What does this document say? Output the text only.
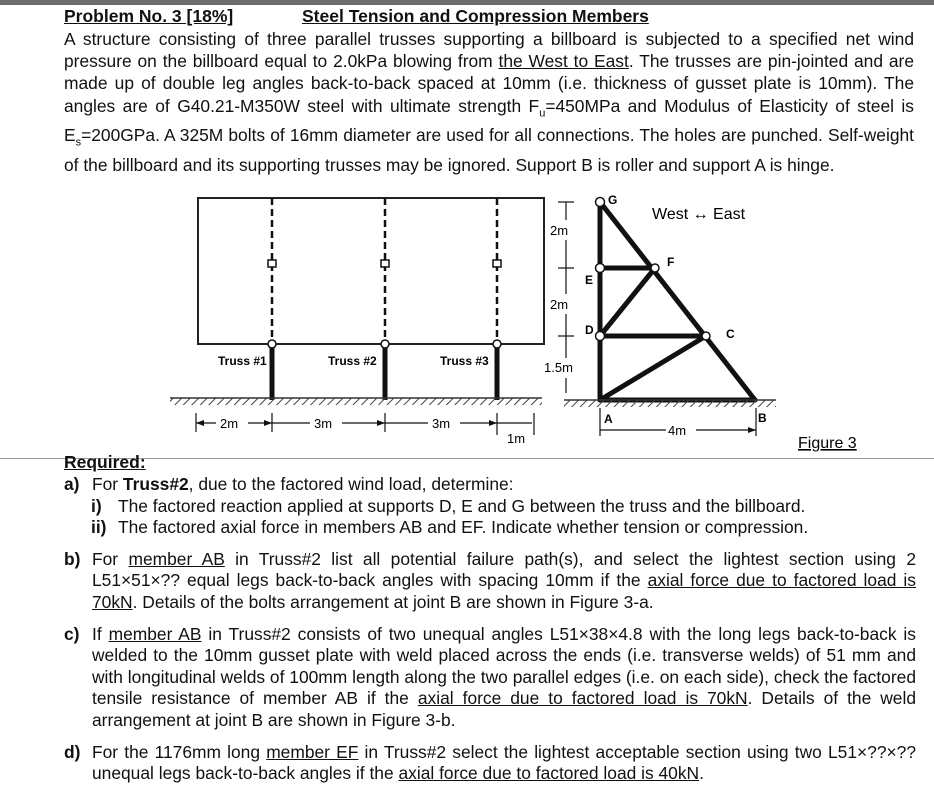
Problem No. 3 [18%]	Steel Tension and Compression Members
A structure consisting of three parallel trusses supporting a billboard is subjected to a specified net wind pressure on the billboard equal to 2.0kPa blowing from the West to East. The trusses are pin-jointed and are made up of double leg angles back-to-back spaced at 10mm (i.e. thickness of gusset plate is 10mm). The angles are of G40.21-M350W steel with ultimate strength $F_u=450MPa$ and Modulus of Elasticity of steel is $E_s=200GPa$. A 325M bolts of 16mm diameter are used for all connections. The holes are punched. Self-weight of the billboard and its supporting trusses may be ignored. Support B is roller and support A is hinge.
Truss #1	Truss #2	Truss #3
2m	3m	3m
1m
2m
2m
1.5m
G
E
D
F
C
West ↔ East
A	B
4m
Figure 3
Required:
a) For Truss#2, due to the factored wind load, determine:
i) The factored reaction applied at supports D, E and G between the truss and the billboard.
ii) The factored axial force in members AB and EF. Indicate whether tension or compression.
b) For member AB in Truss#2 list all potential failure path(s), and select the lightest section using 2 L51×51×?? equal legs back-to-back angles with spacing 10mm if the axial force due to factored load is 70kN. Details of the bolts arrangement at joint B are shown in Figure 3-a.
c) If member AB in Truss#2 consists of two unequal angles L51×38×4.8 with the long legs back-to-back is welded to the 10mm gusset plate with weld placed across the ends (i.e. transverse welds) of 51 mm and with longitudinal welds of 100mm length along the two parallel edges (i.e. on each side), check the factored tensile resistance of member AB if the axial force due to factored load is 70kN. Details of the weld arrangement at joint B are shown in Figure 3-b.
d) For the 1176mm long member EF in Truss#2 select the lightest acceptable section using two L51×??×?? unequal legs back-to-back angles if the axial force due to factored load is 40kN.
